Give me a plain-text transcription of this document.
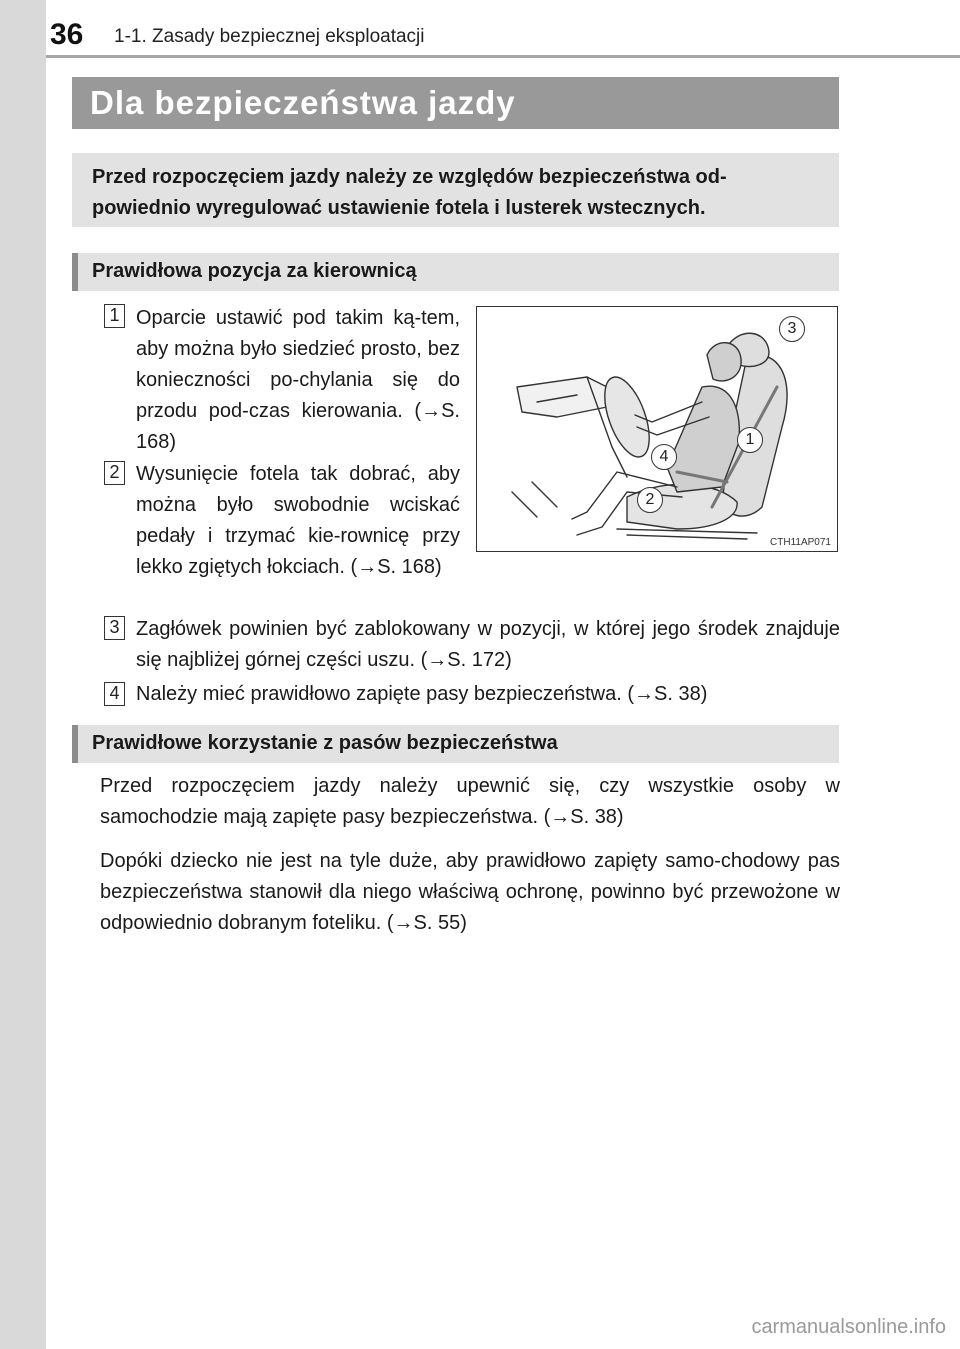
36 1-1. Zasady bezpiecznej eksploatacji
Dla bezpieczeństwa jazdy
Przed rozpoczęciem jazdy należy ze względów bezpieczeństwa od-powiednio wyregulować ustawienie fotela i lusterek wstecznych.
Prawidłowa pozycja za kierownicą
1 Oparcie ustawić pod takim ką-tem, aby można było siedzieć prosto, bez konieczności po-chylania się do przodu pod-czas kierowania. (→S. 168)
2 Wysunięcie fotela tak dobrać, aby można było swobodnie wciskać pedały i trzymać kie-rownicę przy lekko zgiętych łokciach. (→S. 168)
3
1
4
2
CTH11AP071
3 Zagłówek powinien być zablokowany w pozycji, w której jego środek znajduje się najbliżej górnej części uszu. (→S. 172)
4 Należy mieć prawidłowo zapięte pasy bezpieczeństwa. (→S. 38)
Prawidłowe korzystanie z pasów bezpieczeństwa
Przed rozpoczęciem jazdy należy upewnić się, czy wszystkie osoby w samochodzie mają zapięte pasy bezpieczeństwa. (→S. 38)
Dopóki dziecko nie jest na tyle duże, aby prawidłowo zapięty samo-chodowy pas bezpieczeństwa stanowił dla niego właściwą ochronę, powinno być przewożone w odpowiednio dobranym foteliku. (→S. 55)
carmanualsonline.info
